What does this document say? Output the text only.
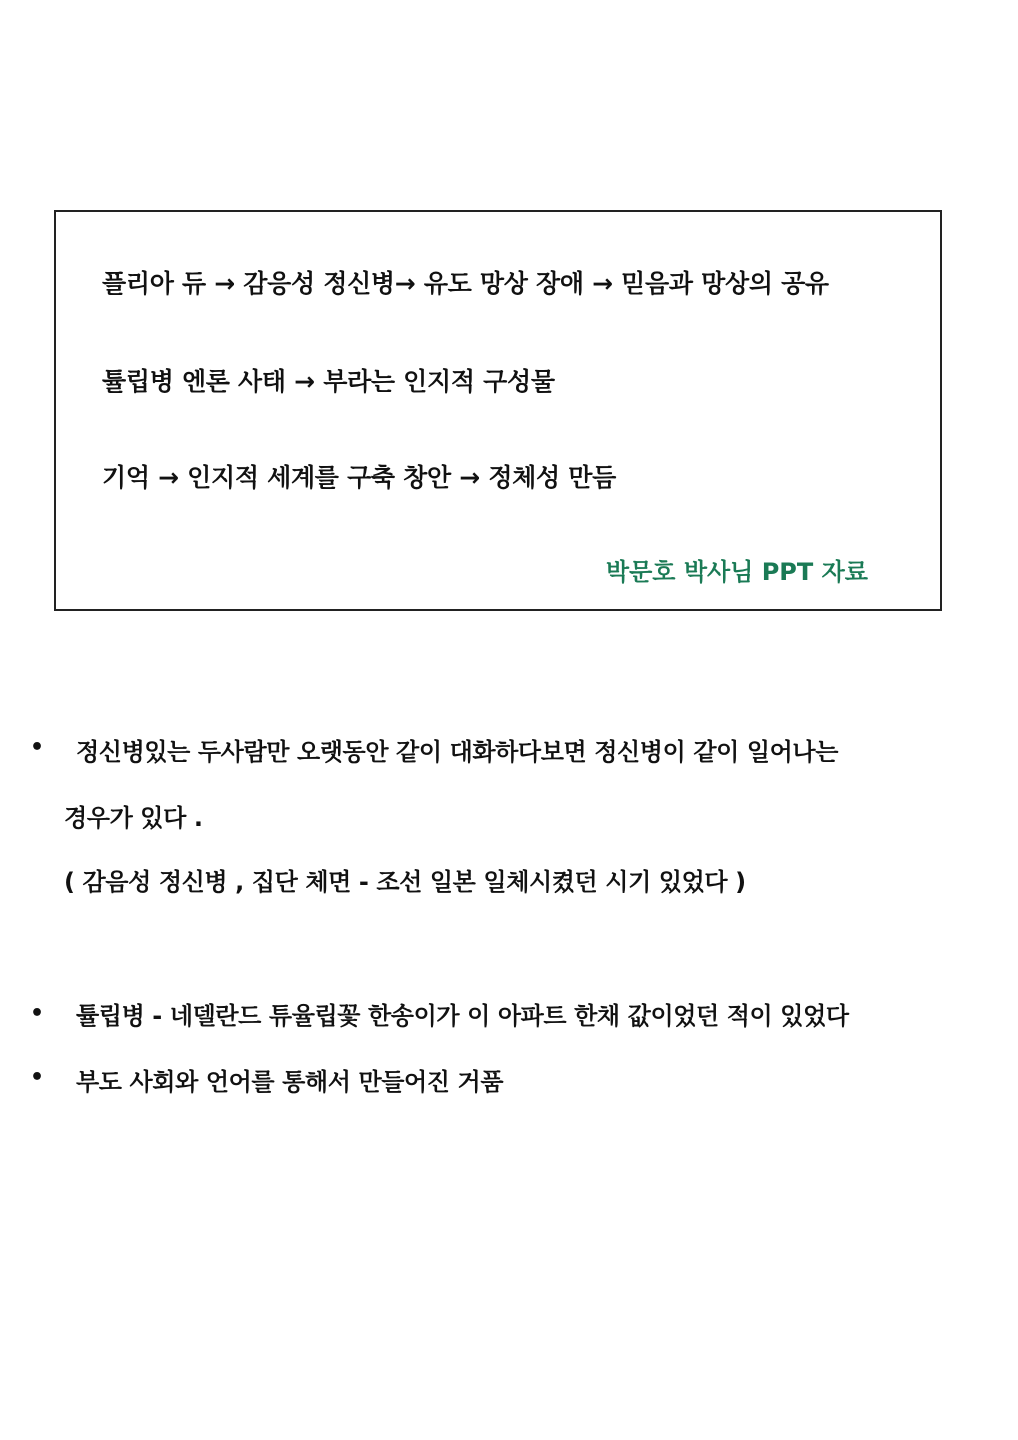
플리아 듀 → 감응성 정신병→ 유도 망상 장애 → 믿음과 망상의 공유
튤립병 엔론 사태 → 부라는 인지적 구성물
기억 → 인지적 세계를 구축 창안 → 정체성 만듬
박문호 박사님 PPT 자료
• 정신병있는 두사람만 오랫동안 같이 대화하다보면 정신병이 같이 일어나는
경우가 있다 .
( 감음성 정신병 , 집단 체면 - 조선 일본 일체시켰던 시기 있었다 )
• 튤립병 - 네델란드 튜율립꽃 한송이가 이 아파트 한채 값이었던 적이 있었다
• 부도 사회와 언어를 통해서 만들어진 거품
